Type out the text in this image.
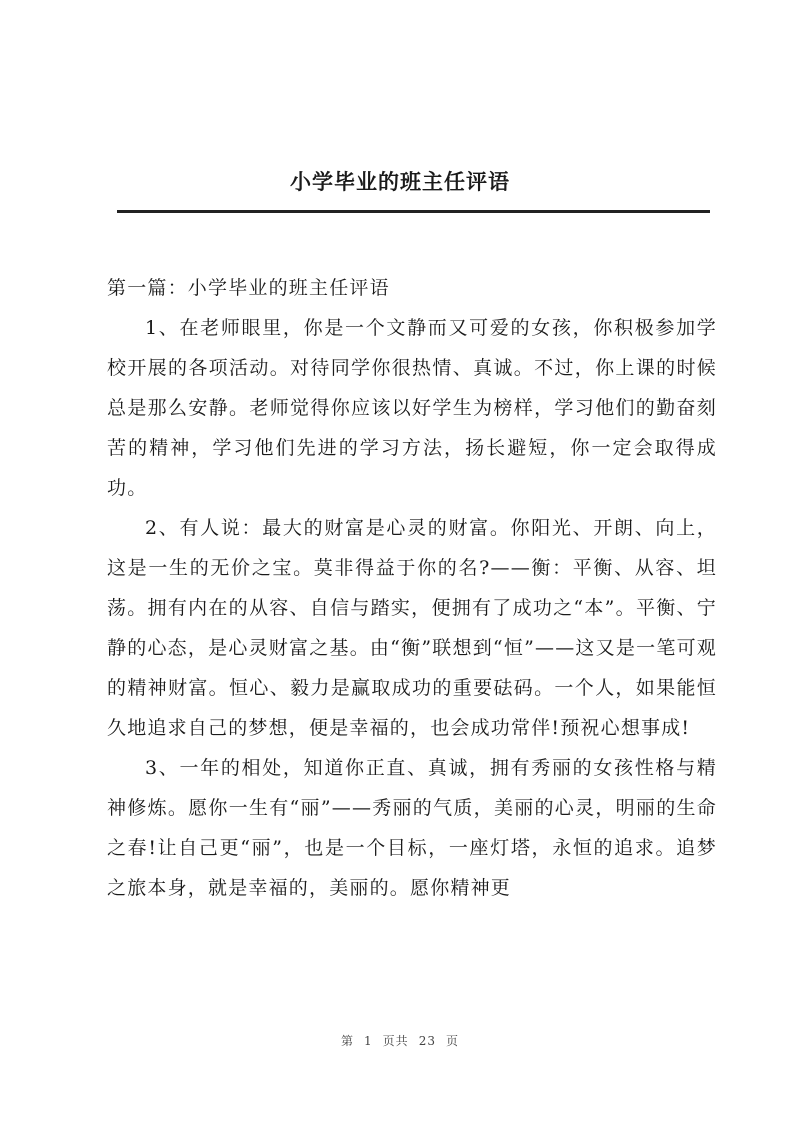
小学毕业的班主任评语

第一篇：小学毕业的班主任评语

1、在老师眼里，你是一个文静而又可爱的女孩，你积极参加学校开展的各项活动。对待同学你很热情、真诚。不过，你上课的时候总是那么安静。老师觉得你应该以好学生为榜样，学习他们的勤奋刻苦的精神，学习他们先进的学习方法，扬长避短，你一定会取得成功。

2、有人说：最大的财富是心灵的财富。你阳光、开朗、向上，这是一生的无价之宝。莫非得益于你的名?——衡：平衡、从容、坦荡。拥有内在的从容、自信与踏实，便拥有了成功之“本”。平衡、宁静的心态，是心灵财富之基。由“衡”联想到“恒”——这又是一笔可观的精神财富。恒心、毅力是赢取成功的重要砝码。一个人，如果能恒久地追求自己的梦想，便是幸福的，也会成功常伴!预祝心想事成!

3、一年的相处，知道你正直、真诚，拥有秀丽的女孩性格与精神修炼。愿你一生有“丽”——秀丽的气质，美丽的心灵，明丽的生命之春!让自己更“丽”，也是一个目标，一座灯塔，永恒的追求。追梦之旅本身，就是幸福的，美丽的。愿你精神更

第 1 页共 23 页
